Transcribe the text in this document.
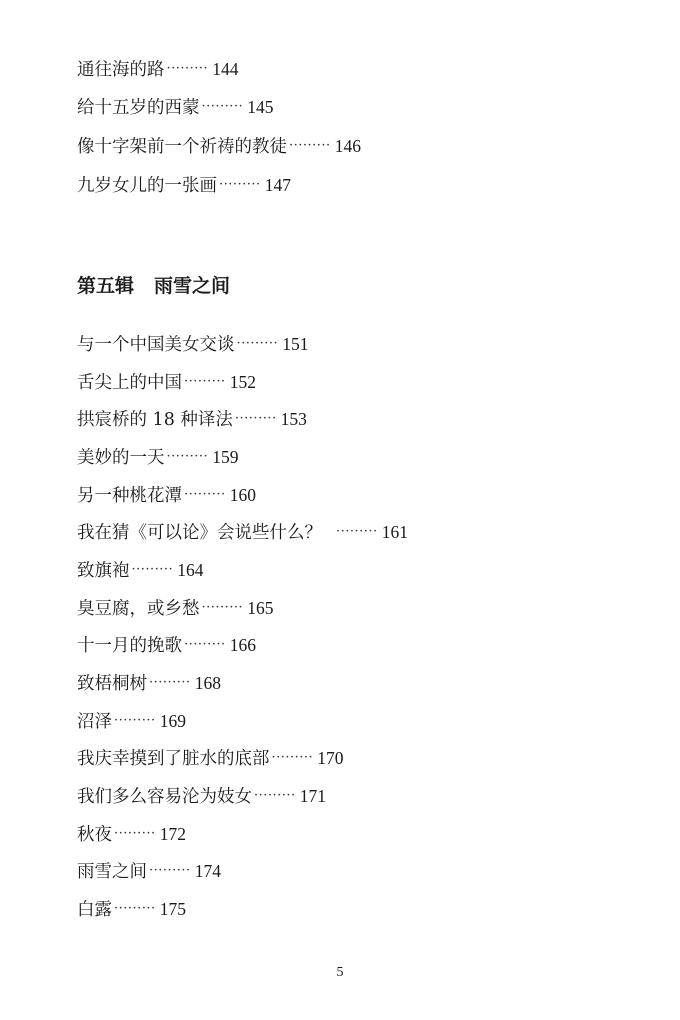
通往海的路 ········· 144
给十五岁的西蒙 ········· 145
像十字架前一个祈祷的教徒 ········· 146
九岁女儿的一张画 ········· 147
第五辑 雨雪之间
与一个中国美女交谈 ········· 151
舌尖上的中国 ········· 152
拱宸桥的 18 种译法 ········· 153
美妙的一天 ········· 159
另一种桃花潭 ········· 160
我在猜《可以论》会说些什么？ ········· 161
致旗袍 ········· 164
臭豆腐，或乡愁 ········· 165
十一月的挽歌 ········· 166
致梧桐树 ········· 168
沼泽 ········· 169
我庆幸摸到了脏水的底部 ········· 170
我们多么容易沦为妓女 ········· 171
秋夜 ········· 172
雨雪之间 ········· 174
白露 ········· 175
5
